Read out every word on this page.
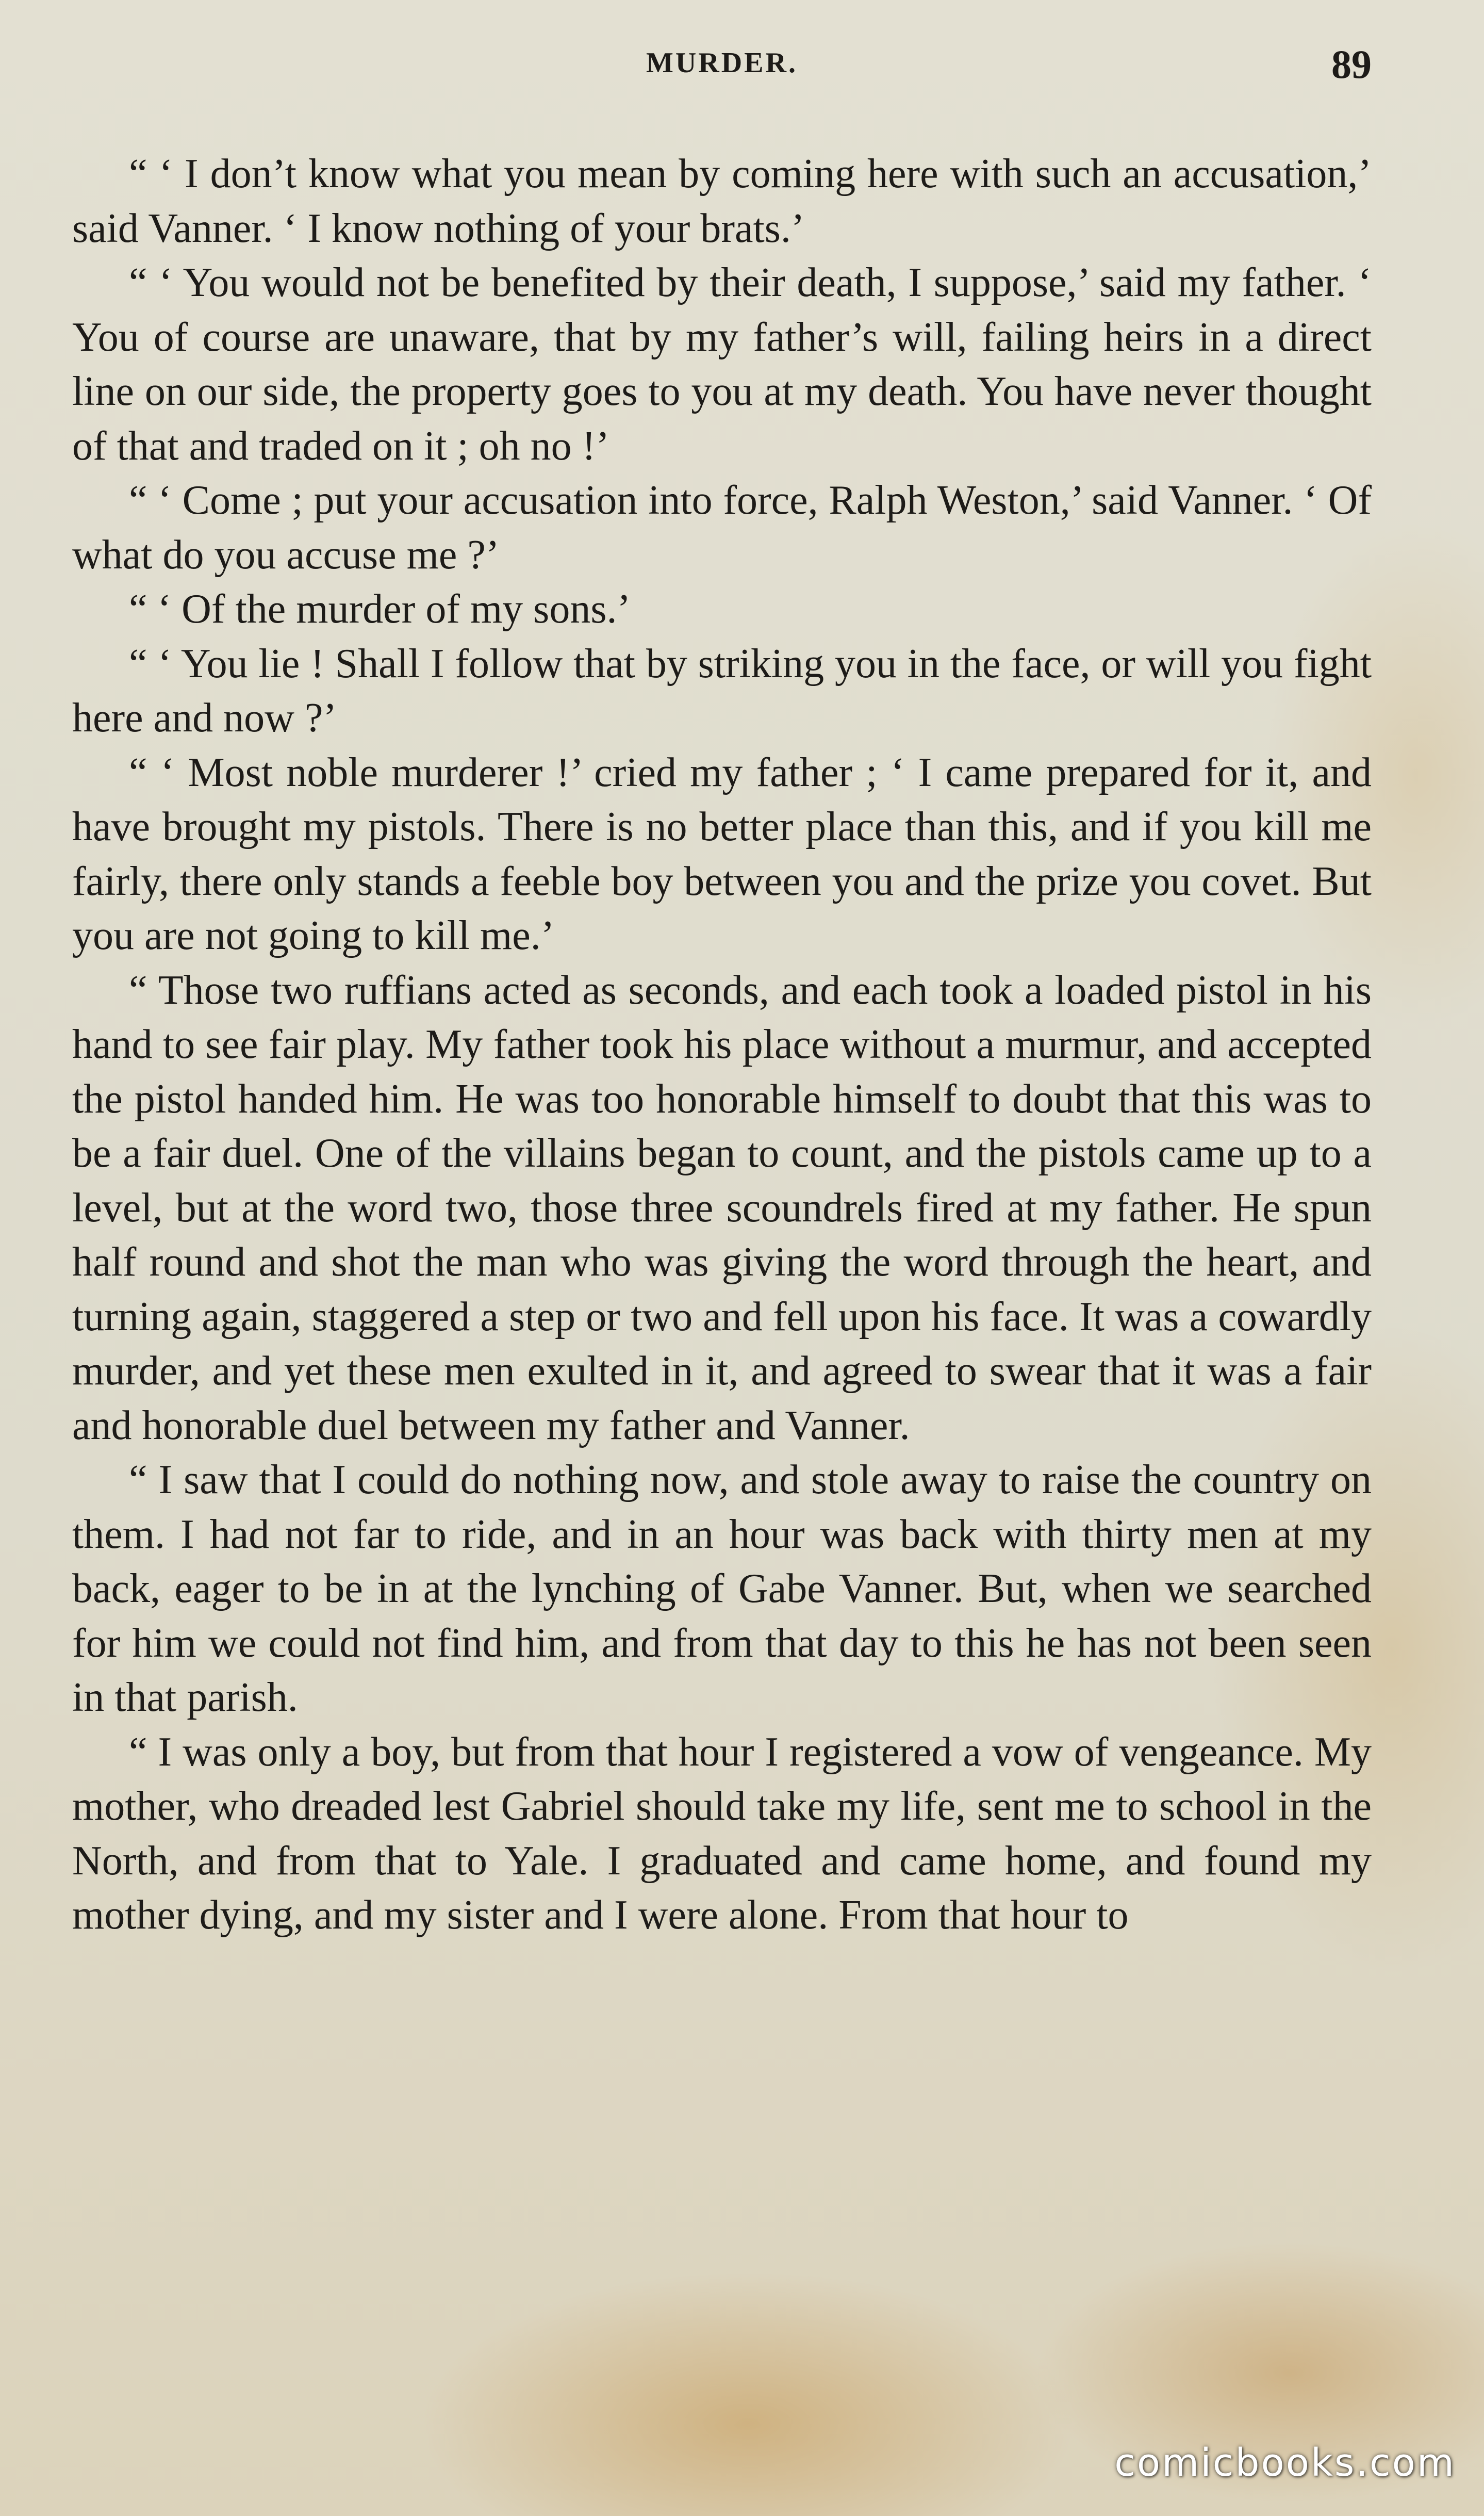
MURDER.	89

“ ‘ I don’t know what you mean by coming here with such an accusation,’ said Vanner. ‘ I know nothing of your brats.’

“ ‘ You would not be benefited by their death, I suppose,’ said my father. ‘ You of course are unaware, that by my father’s will, failing heirs in a direct line on our side, the property goes to you at my death. You have never thought of that and traded on it ; oh no !’

“ ‘ Come ; put your accusation into force, Ralph Weston,’ said Vanner. ‘ Of what do you accuse me ?’

“ ‘ Of the murder of my sons.’

“ ‘ You lie ! Shall I follow that by striking you in the face, or will you fight here and now ?’

“ ‘ Most noble murderer !’ cried my father ; ‘ I came prepared for it, and have brought my pistols. There is no better place than this, and if you kill me fairly, there only stands a feeble boy between you and the prize you covet. But you are not going to kill me.’

“ Those two ruffians acted as seconds, and each took a loaded pistol in his hand to see fair play. My father took his place without a murmur, and accepted the pistol handed him. He was too honorable himself to doubt that this was to be a fair duel. One of the villains began to count, and the pistols came up to a level, but at the word two, those three scoundrels fired at my father. He spun half round and shot the man who was giving the word through the heart, and turning again, staggered a step or two and fell upon his face. It was a cowardly murder, and yet these men exulted in it, and agreed to swear that it was a fair and honorable duel between my father and Vanner.

“ I saw that I could do nothing now, and stole away to raise the country on them. I had not far to ride, and in an hour was back with thirty men at my back, eager to be in at the lynching of Gabe Vanner. But, when we searched for him we could not find him, and from that day to this he has not been seen in that parish.

“ I was only a boy, but from that hour I registered a vow of vengeance. My mother, who dreaded lest Gabriel should take my life, sent me to school in the North, and from that to Yale. I graduated and came home, and found my mother dying, and my sister and I were alone. From that hour to

comicbooks.com
